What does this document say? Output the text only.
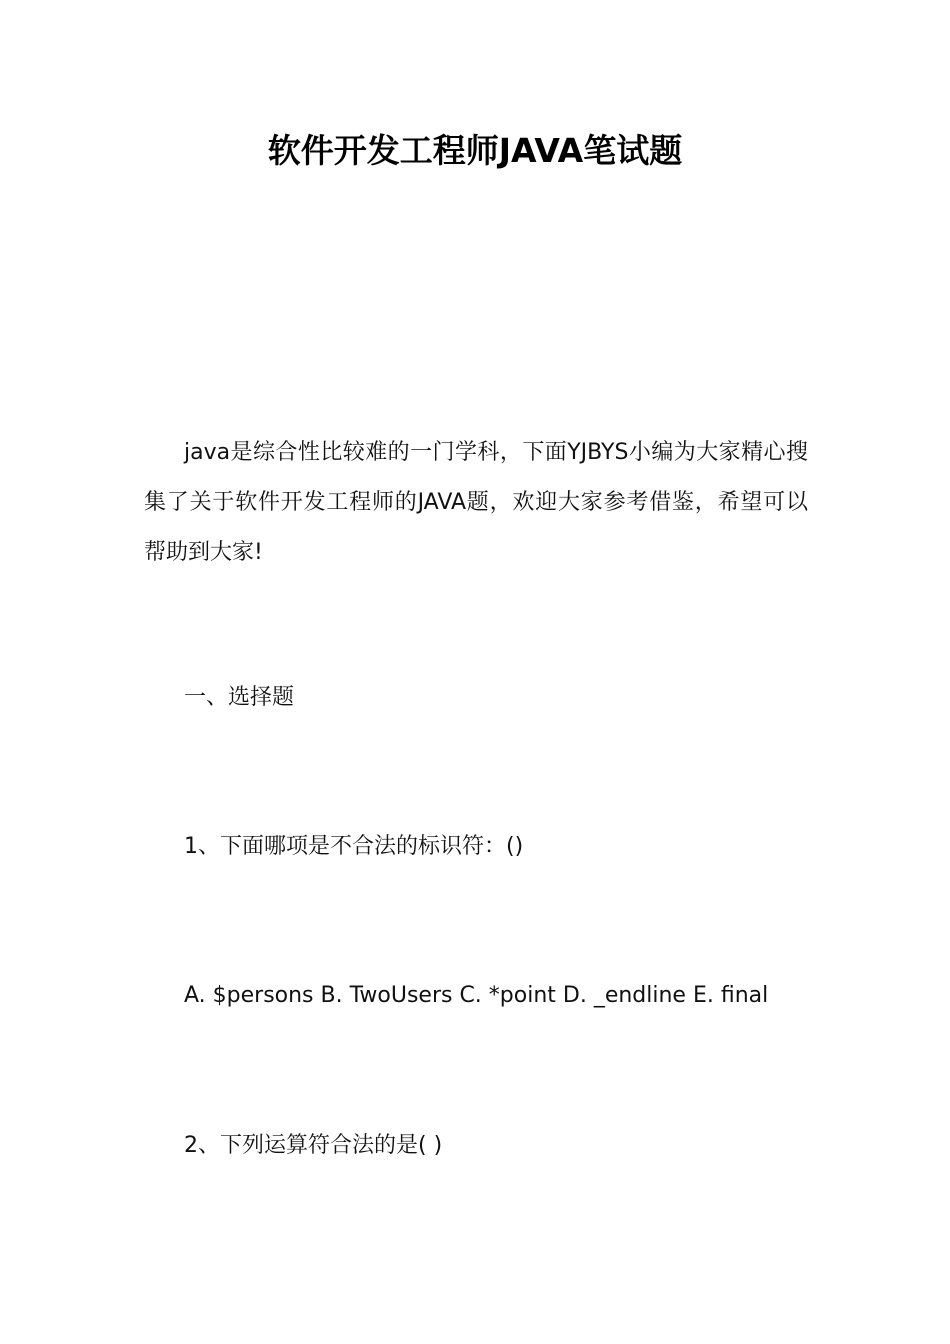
软件开发工程师JAVA笔试题

java是综合性比较难的一门学科，下面YJBYS小编为大家精心搜集了关于软件开发工程师的JAVA题，欢迎大家参考借鉴，希望可以帮助到大家!

一、选择题

1、下面哪项是不合法的标识符：()

A. $persons B. TwoUsers C. *point D. _endline E. final

2、下列运算符合法的是( )
